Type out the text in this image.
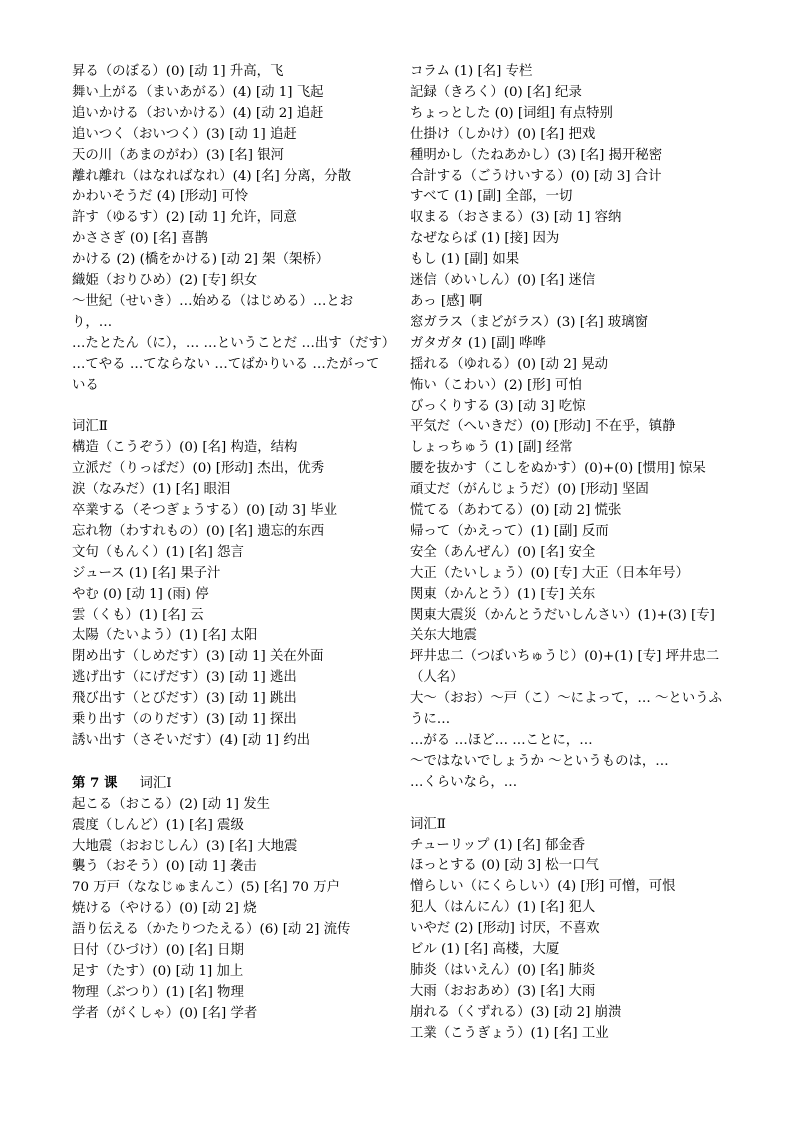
昇る（のぼる）(0) [动 1] 升高，飞
舞い上がる（まいあがる）(4) [动 1] 飞起
追いかける（おいかける）(4) [动 2] 追赶
追いつく（おいつく）(3) [动 1] 追赶
天の川（あまのがわ）(3) [名] 银河
離れ離れ（はなればなれ）(4) [名] 分离，分散
かわいそうだ (4) [形动] 可怜
許す（ゆるす）(2) [动 1] 允许，同意
かささぎ (0) [名] 喜鹊
かける (2) (橋をかける) [动 2] 架（架桥）
織姫（おりひめ）(2) [专] 织女
～世紀（せいき）…始める（はじめる）…とおり，…
…たとたん（に），… …ということだ …出す（だす）
…てやる …てならない …てばかりいる …たがっている
词汇Ⅱ
構造（こうぞう）(0) [名] 构造，结构
立派だ（りっぱだ）(0) [形动] 杰出，优秀
涙（なみだ）(1) [名] 眼泪
卒業する（そつぎょうする）(0) [动 3] 毕业
忘れ物（わすれもの）(0) [名] 遗忘的东西
文句（もんく）(1) [名] 怨言
ジュース (1) [名] 果子汁
やむ (0) [动 1] (雨) 停
雲（くも）(1) [名] 云
太陽（たいよう）(1) [名] 太阳
閉め出す（しめだす）(3) [动 1] 关在外面
逃げ出す（にげだす）(3) [动 1] 逃出
飛び出す（とびだす）(3) [动 1] 跳出
乗り出す（のりだす）(3) [动 1] 探出
誘い出す（さそいだす）(4) [动 1] 约出
第 7 课 词汇Ⅰ
起こる（おこる）(2) [动 1] 发生
震度（しんど）(1) [名] 震级
大地震（おおじしん）(3) [名] 大地震
襲う（おそう）(0) [动 1] 袭击
70 万戸（ななじゅまんこ）(5) [名] 70 万户
焼ける（やける）(0) [动 2] 烧
語り伝える（かたりつたえる）(6) [动 2] 流传
日付（ひづけ）(0) [名] 日期
足す（たす）(0) [动 1] 加上
物理（ぶつり）(1) [名] 物理
学者（がくしゃ）(0) [名] 学者
コラム (1) [名] 专栏
記録（きろく）(0) [名] 纪录
ちょっとした (0) [词组] 有点特别
仕掛け（しかけ）(0) [名] 把戏
種明かし（たねあかし）(3) [名] 揭开秘密
合計する（ごうけいする）(0) [动 3] 合计
すべて (1) [副] 全部，一切
収まる（おさまる）(3) [动 1] 容纳
なぜならば (1) [接] 因为
もし (1) [副] 如果
迷信（めいしん）(0) [名] 迷信
あっ [感] 啊
窓ガラス（まどがラス）(3) [名] 玻璃窗
ガタガタ (1) [副] 哗哗
揺れる（ゆれる）(0) [动 2] 晃动
怖い（こわい）(2) [形] 可怕
びっくりする (3) [动 3] 吃惊
平気だ（へいきだ）(0) [形动] 不在乎，镇静
しょっちゅう (1) [副] 经常
腰を抜かす（こしをぬかす）(0)+(0) [惯用] 惊呆
頑丈だ（がんじょうだ）(0) [形动] 坚固
慌てる（あわてる）(0) [动 2] 慌张
帰って（かえって）(1) [副] 反而
安全（あんぜん）(0) [名] 安全
大正（たいしょう）(0) [专] 大正（日本年号）
関東（かんとう）(1) [专] 关东
関東大震災（かんとうだいしんさい）(1)+(3) [专] 关东大地震
坪井忠二（つぼいちゅうじ）(0)+(1) [专] 坪井忠二（人名）
大～（おお）～戸（こ）～によって，… ～というふうに…
…がる …ほど… …ことに，…
～ではないでしょうか ～というものは，…
…くらいなら，…
词汇Ⅱ
チューリップ (1) [名] 郁金香
ほっとする (0) [动 3] 松一口气
憎らしい（にくらしい）(4) [形] 可憎，可恨
犯人（はんにん）(1) [名] 犯人
いやだ (2) [形动] 讨厌，不喜欢
ビル (1) [名] 高楼，大厦
肺炎（はいえん）(0) [名] 肺炎
大雨（おおあめ）(3) [名] 大雨
崩れる（くずれる）(3) [动 2] 崩溃
工業（こうぎょう）(1) [名] 工业
